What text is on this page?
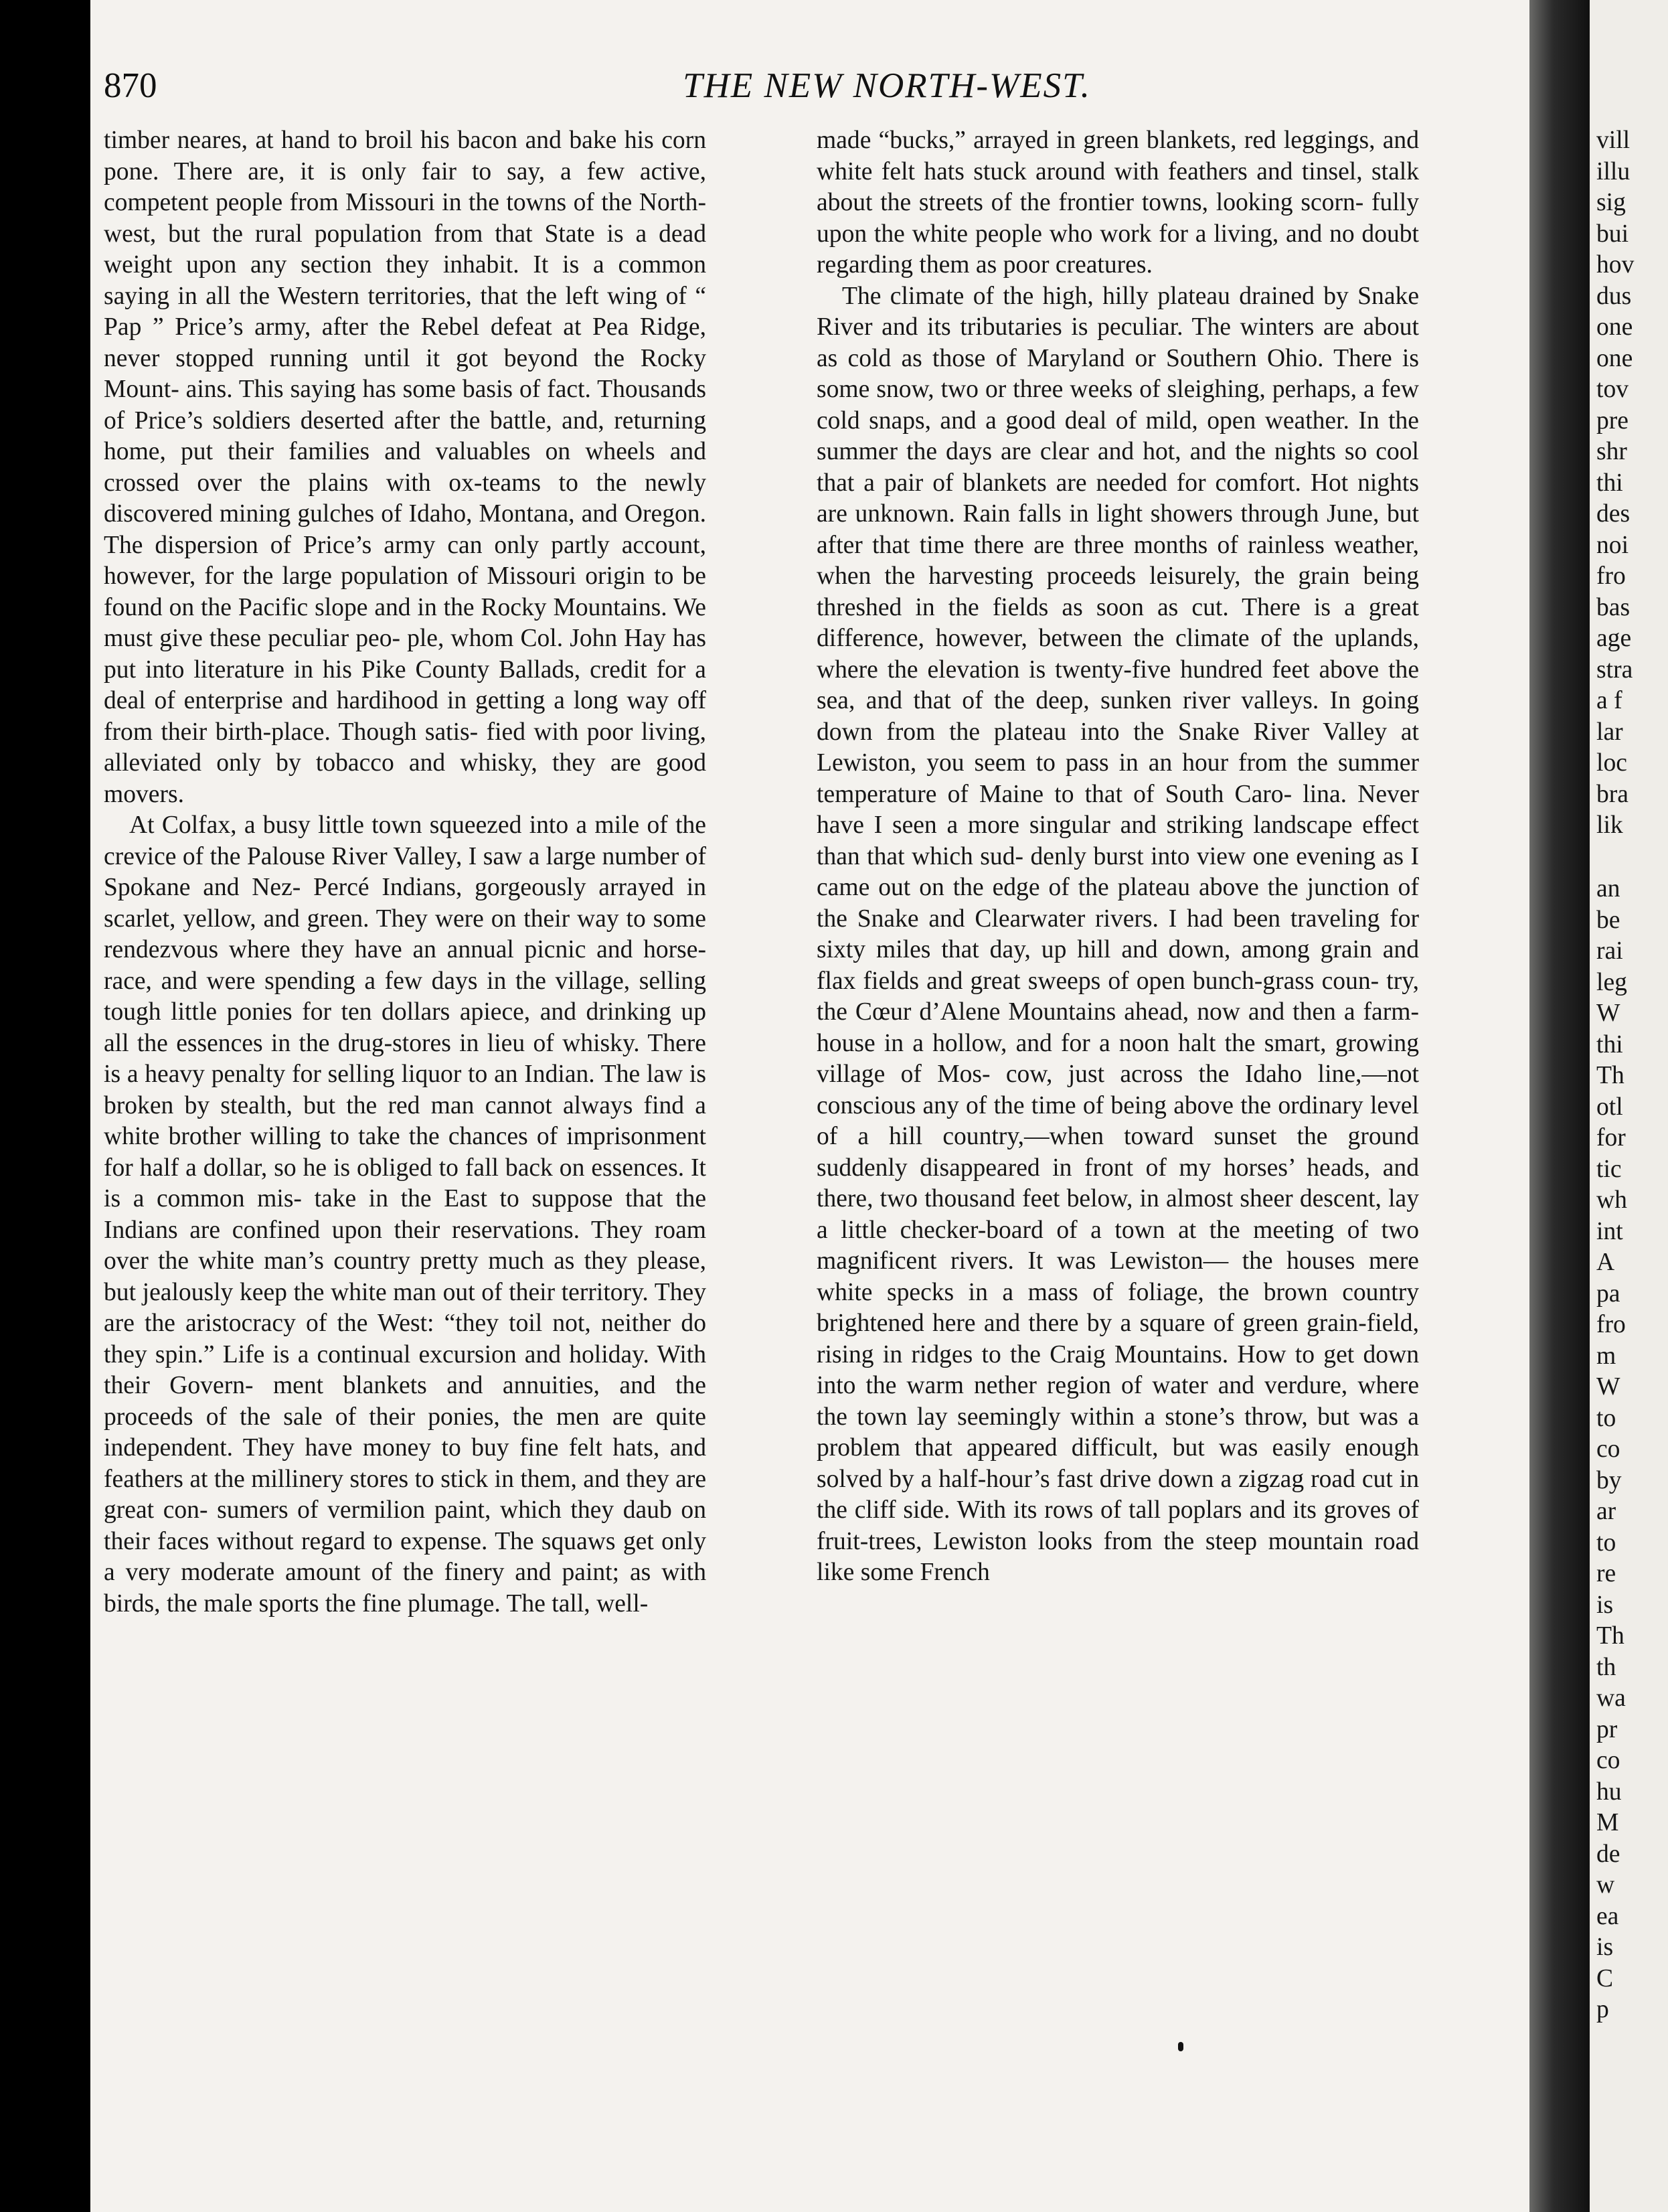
870	THE NEW NORTH-WEST.

timber neares, at hand to broil his bacon and bake his corn pone. There are, it is only fair to say, a few active, competent people from Missouri in the towns of the North-west, but the rural population from that State is a dead weight upon any section they inhabit. It is a common saying in all the Western territories, that the left wing of “ Pap ” Price’s army, after the Rebel defeat at Pea Ridge, never stopped running until it got beyond the Rocky Mount- ains. This saying has some basis of fact. Thousands of Price’s soldiers deserted after the battle, and, returning home, put their families and valuables on wheels and crossed over the plains with ox-teams to the newly discovered mining gulches of Idaho, Montana, and Oregon. The dispersion of Price’s army can only partly account, however, for the large population of Missouri origin to be found on the Pacific slope and in the Rocky Mountains. We must give these peculiar peo- ple, whom Col. John Hay has put into literature in his Pike County Ballads, credit for a deal of enterprise and hardihood in getting a long way off from their birth-place. Though satis- fied with poor living, alleviated only by tobacco and whisky, they are good movers.

At Colfax, a busy little town squeezed into a mile of the crevice of the Palouse River Valley, I saw a large number of Spokane and Nez- Percé Indians, gorgeously arrayed in scarlet, yellow, and green. They were on their way to some rendezvous where they have an annual picnic and horse-race, and were spending a few days in the village, selling tough little ponies for ten dollars apiece, and drinking up all the essences in the drug-stores in lieu of whisky. There is a heavy penalty for selling liquor to an Indian. The law is broken by stealth, but the red man cannot always find a white brother willing to take the chances of imprisonment for half a dollar, so he is obliged to fall back on essences. It is a common mis- take in the East to suppose that the Indians are confined upon their reservations. They roam over the white man’s country pretty much as they please, but jealously keep the white man out of their territory. They are the aristocracy of the West: “they toil not, neither do they spin.” Life is a continual excursion and holiday. With their Govern- ment blankets and annuities, and the proceeds of the sale of their ponies, the men are quite independent. They have money to buy fine felt hats, and feathers at the millinery stores to stick in them, and they are great con- sumers of vermilion paint, which they daub on their faces without regard to expense. The squaws get only a very moderate amount of the finery and paint; as with birds, the male sports the fine plumage. The tall, well-

made “bucks,” arrayed in green blankets, red leggings, and white felt hats stuck around with feathers and tinsel, stalk about the streets of the frontier towns, looking scorn- fully upon the white people who work for a living, and no doubt regarding them as poor creatures.

The climate of the high, hilly plateau drained by Snake River and its tributaries is peculiar. The winters are about as cold as those of Maryland or Southern Ohio. There is some snow, two or three weeks of sleighing, perhaps, a few cold snaps, and a good deal of mild, open weather. In the summer the days are clear and hot, and the nights so cool that a pair of blankets are needed for comfort. Hot nights are unknown. Rain falls in light showers through June, but after that time there are three months of rainless weather, when the harvesting proceeds leisurely, the grain being threshed in the fields as soon as cut. There is a great difference, however, between the climate of the uplands, where the elevation is twenty-five hundred feet above the sea, and that of the deep, sunken river valleys. In going down from the plateau into the Snake River Valley at Lewiston, you seem to pass in an hour from the summer temperature of Maine to that of South Caro- lina. Never have I seen a more singular and striking landscape effect than that which sud- denly burst into view one evening as I came out on the edge of the plateau above the junction of the Snake and Clearwater rivers. I had been traveling for sixty miles that day, up hill and down, among grain and flax fields and great sweeps of open bunch-grass coun- try, the Cœur d’Alene Mountains ahead, now and then a farm-house in a hollow, and for a noon halt the smart, growing village of Mos- cow, just across the Idaho line,—not conscious any of the time of being above the ordinary level of a hill country,—when toward sunset the ground suddenly disappeared in front of my horses’ heads, and there, two thousand feet below, in almost sheer descent, lay a little checker-board of a town at the meeting of two magnificent rivers. It was Lewiston— the houses mere white specks in a mass of foliage, the brown country brightened here and there by a square of green grain-field, rising in ridges to the Craig Mountains. How to get down into the warm nether region of water and verdure, where the town lay seemingly within a stone’s throw, but was a problem that appeared difficult, but was easily enough solved by a half-hour’s fast drive down a zigzag road cut in the cliff side. With its rows of tall poplars and its groves of fruit-trees, Lewiston looks from the steep mountain road like some French

vill
illu
sig
bui
hov
dus
one
one
tov
pre
shr
thi
des
noi
fro
bas
age
stra
a f
lar
loc
bra
lik
an
be
rai
leg
W
thi
Th
otl
for
tic
wh
int
A
pa
fro
m
W
to
co
by
ar
to
re
is
Th
th
wa
pr
co
hu
M
de
w
ea
is
C
p
